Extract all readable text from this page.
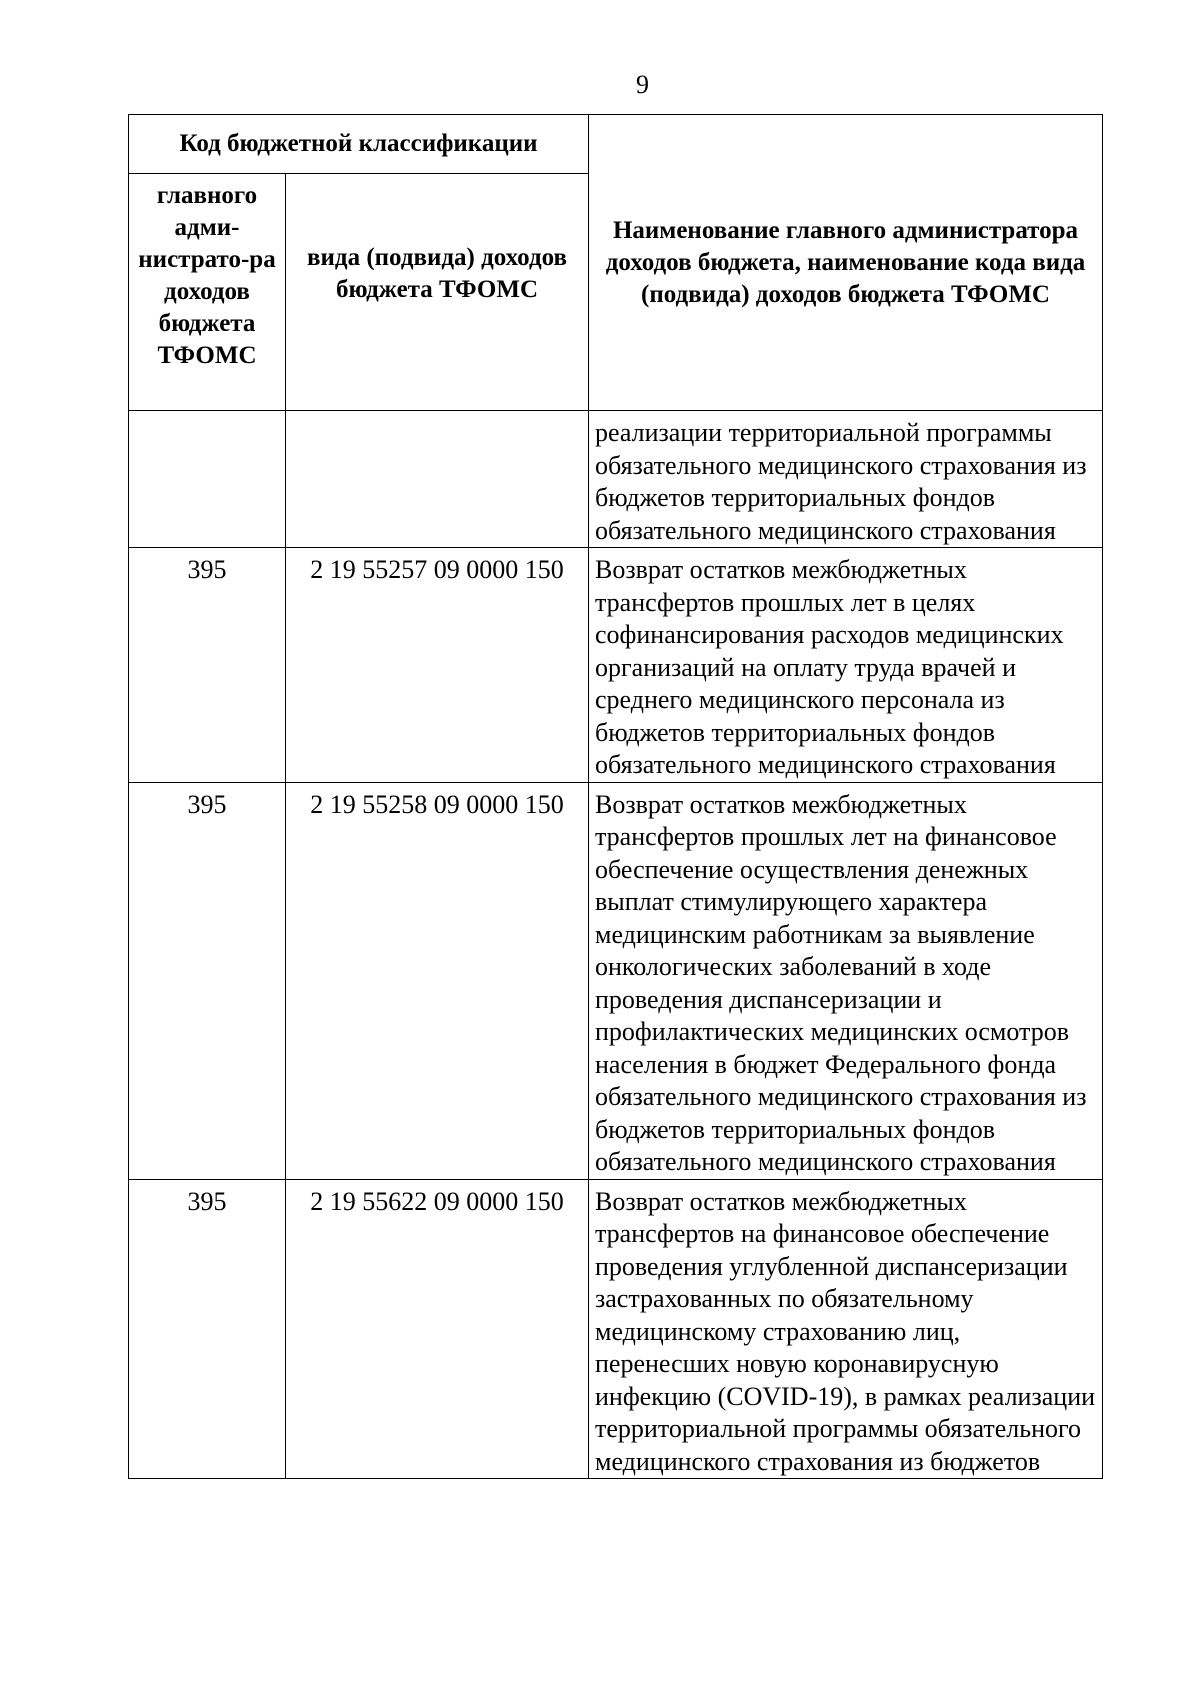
9
Код бюджетной классификации		Наименование главного администратора доходов бюджета, наименование кода вида (подвида) доходов бюджета ТФОМС
главного адми-нистрато-ра доходов бюджета ТФОМС	вида (подвида) доходов бюджета ТФОМС	
		реализации территориальной программы обязательного медицинского страхования из бюджетов территориальных фондов обязательного медицинского страхования
395	2 19 55257 09 0000 150	Возврат остатков межбюджетных трансфертов прошлых лет в целях софинансирования расходов медицинских организаций на оплату труда врачей и среднего медицинского персонала из бюджетов территориальных фондов обязательного медицинского страхования
395	2 19 55258 09 0000 150	Возврат остатков межбюджетных трансфертов прошлых лет на финансовое обеспечение осуществления денежных выплат стимулирующего характера медицинским работникам за выявление онкологических заболеваний в ходе проведения диспансеризации и профилактических медицинских осмотров населения в бюджет Федерального фонда обязательного медицинского страхования из бюджетов территориальных фондов обязательного медицинского страхования
395	2 19 55622 09 0000 150	Возврат остатков межбюджетных трансфертов на финансовое обеспечение проведения углубленной диспансеризации застрахованных по обязательному медицинскому страхованию лиц, перенесших новую коронавирусную инфекцию (COVID-19), в рамках реализации территориальной программы обязательного медицинского страхования из бюджетов
